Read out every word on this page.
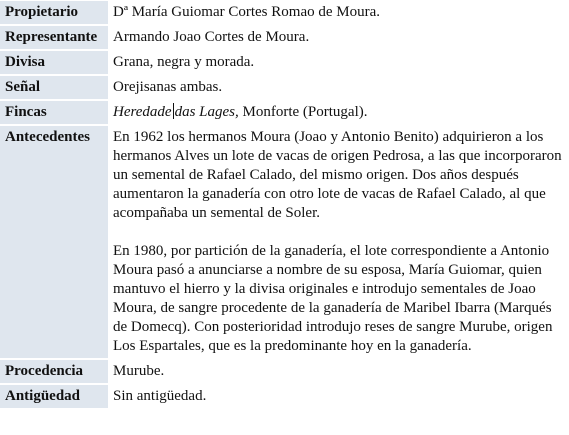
Propietario	Dª María Guiomar Cortes Romao de Moura.
Representante	Armando Joao Cortes de Moura.
Divisa	Grana, negra y morada.
Señal	Orejisanas ambas.
Fincas	Heredade das Lages, Monforte (Portugal).
Antecedentes	En 1962 los hermanos Moura (Joao y Antonio Benito) adquirieron a los hermanos Alves un lote de vacas de origen Pedrosa, a las que incorporaron un semental de Rafael Calado, del mismo origen. Dos años después aumentaron la ganadería con otro lote de vacas de Rafael Calado, al que acompañaba un semental de Soler.
En 1980, por partición de la ganadería, el lote correspondiente a Antonio Moura pasó a anunciarse a nombre de su esposa, María Guiomar, quien mantuvo el hierro y la divisa originales e introdujo sementales de Joao Moura, de sangre procedente de la ganadería de Maribel Ibarra (Marqués de Domecq). Con posterioridad introdujo reses de sangre Murube, origen Los Espartales, que es la predominante hoy en la ganadería.

Procedencia	Murube.
Antigüedad	Sin antigüedad.
